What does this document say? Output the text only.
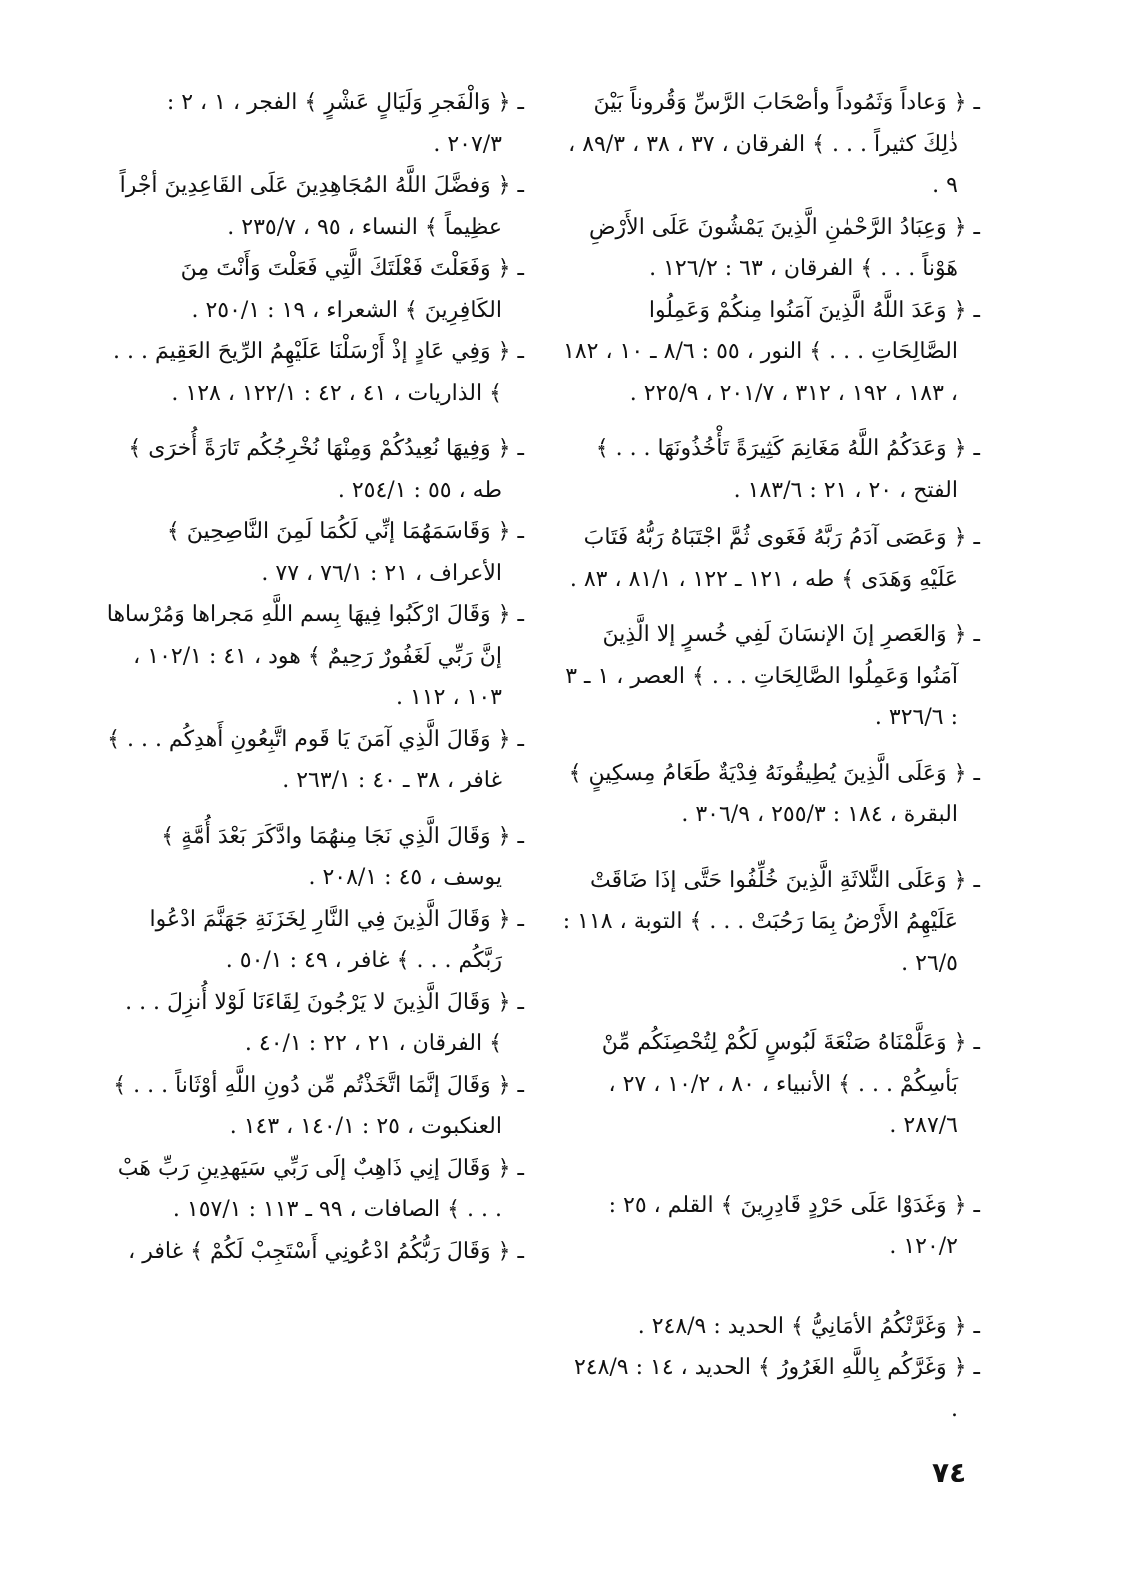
ـ ﴿ وَعاداً وَثَمُوداً وأصْحَابَ الرَّسِّ وَقُروناً بَيْنَ ذٰلِكَ كثيراً . . . ﴾ الفرقان ، ٣٧ ، ٣٨ ، ٨٩/٣ ، ٩ .

ـ ﴿ وَعِبَادُ الرَّحْمٰنِ الَّذِينَ يَمْشُونَ عَلَى الأَرْضِ هَوْناً . . . ﴾ الفرقان ، ٦٣ : ١٢٦/٢ .

ـ ﴿ وَعَدَ اللَّهُ الَّذِينَ آمَنُوا مِنكُمْ وَعَمِلُوا الصَّالِحَاتِ . . . ﴾ النور ، ٥٥ : ٨/٦ ـ ١٠ ، ١٨٢ ، ١٨٣ ، ١٩٢ ، ٣١٢ ، ٢٠١/٧ ، ٢٢٥/٩ .

ـ ﴿ وَعَدَكُمُ اللَّهُ مَغَانِمَ كَثِيرَةً تَأْخُذُونَهَا . . . ﴾ الفتح ، ٢٠ ، ٢١ : ١٨٣/٦ .

ـ ﴿ وَعَصَى آدَمُ رَبَّهُ فَغَوى ثُمَّ اجْتَبَاهُ رَبُّهُ فَتَابَ عَلَيْهِ وَهَدَى ﴾ طه ، ١٢١ ـ ١٢٢ ، ٨١/١ ، ٨٣ .

ـ ﴿ وَالعَصرِ إنَ الإنسَانَ لَفِي خُسرٍ إلا الَّذِينَ آمَنُوا وَعَمِلُوا الصَّالِحَاتِ . . . ﴾ العصر ، ١ ـ ٣ : ٣٢٦/٦ .

ـ ﴿ وَعَلَى الَّذِينَ يُطِيقُونَهُ فِدْيَةٌ طَعَامُ مِسكِينٍ ﴾ البقرة ، ١٨٤ : ٢٥٥/٣ ، ٣٠٦/٩ .

ـ ﴿ وَعَلَى الثَّلاثَةِ الَّذِينَ خُلِّفُوا حَتَّى إذَا ضَاقَتْ عَلَيْهِمُ الأَرْضُ بِمَا رَحُبَتْ . . . ﴾ التوبة ، ١١٨ : ٢٦/٥ .

ـ ﴿ وَعَلَّمْنَاهُ صَنْعَةَ لَبُوسٍ لَكُمْ لِتُحْصِنَكُم مِّنْ بَأسِكُمْ . . . ﴾ الأنبياء ، ٨٠ ، ١٠/٢ ، ٢٧ ، ٢٨٧/٦ .

ـ ﴿ وَغَدَوْا عَلَى حَرْدٍ قَادِرِينَ ﴾ القلم ، ٢٥ : ١٢٠/٢ .

ـ ﴿ وَغَرَّتْكُمُ الأمَانِيُّ ﴾ الحديد : ٢٤٨/٩ .

ـ ﴿ وَغَرَّكُم بِاللَّهِ الغَرُورُ ﴾ الحديد ، ١٤ : ٢٤٨/٩ .

ـ ﴿ وَالْفَجرِ وَلَيَالٍ عَشْرٍ ﴾ الفجر ، ١ ، ٢ : ٢٠٧/٣ .

ـ ﴿ وَفضَّلَ اللَّهُ المُجَاهِدِينَ عَلَى القَاعِدِينَ أجْراً عظِيماً ﴾ النساء ، ٩٥ ، ٢٣٥/٧ .

ـ ﴿ وَفَعَلْتَ فَعْلَتَكَ الَّتِي فَعَلْتَ وَأَنْتَ مِنَ الكَافِرِينَ ﴾ الشعراء ، ١٩ : ٢٥٠/١ .

ـ ﴿ وَفِي عَادٍ إذْ أَرْسَلْنَا عَلَيْهِمُ الرِّيحَ العَقِيمَ . . . ﴾ الذاريات ، ٤١ ، ٤٢ : ١٢٢/١ ، ١٢٨ .

ـ ﴿ وَفِيهَا نُعِيدُكُمْ وَمِنْهَا نُخْرِجُكُم تَارَةً أُخرَى ﴾ طه ، ٥٥ : ٢٥٤/١ .

ـ ﴿ وَقَاسَمَهُمَا إنِّي لَكُمَا لَمِنَ النَّاصِحِينَ ﴾ الأعراف ، ٢١ : ٧٦/١ ، ٧٧ .

ـ ﴿ وَقَالَ ارْكَبُوا فِيهَا بِسم اللَّهِ مَجراها وَمُرْساها إنَّ رَبِّي لَغَفُورٌ رَحِيمٌ ﴾ هود ، ٤١ : ١٠٢/١ ، ١٠٣ ، ١١٢ .

ـ ﴿ وَقَالَ الَّذِي آمَنَ يَا قَوم اتَّبِعُونِ أَهدِكُم . . . ﴾ غافر ، ٣٨ ـ ٤٠ : ٢٦٣/١ .

ـ ﴿ وَقَالَ الَّذِي نَجَا مِنهُمَا وادَّكَرَ بَعْدَ أُمَّةٍ ﴾ يوسف ، ٤٥ : ٢٠٨/١ .

ـ ﴿ وَقَالَ الَّذِينَ فِي النَّارِ لِخَزَنَةِ جَهَنَّمَ ادْعُوا رَبَّكُم . . . ﴾ غافر ، ٤٩ : ٥٠/١ .

ـ ﴿ وَقَالَ الَّذِينَ لا يَرْجُونَ لِقَاءَنَا لَوْلا أُنزِلَ . . . ﴾ الفرقان ، ٢١ ، ٢٢ : ٤٠/١ .

ـ ﴿ وَقَالَ إنَّمَا اتَّخَذْتُم مِّن دُونِ اللَّهِ أوْثَاناً . . . ﴾ العنكبوت ، ٢٥ : ١٤٠/١ ، ١٤٣ .

ـ ﴿ وَقَالَ إنِي ذَاهِبٌ إلَى رَبِّي سَيَهدِينِ رَبِّ هَبْ . . . ﴾ الصافات ، ٩٩ ـ ١١٣ : ١٥٧/١ .

ـ ﴿ وَقَالَ رَبُّكُمُ ادْعُونِي أَسْتَجِبْ لَكُمْ ﴾ غافر ،

٧٤
